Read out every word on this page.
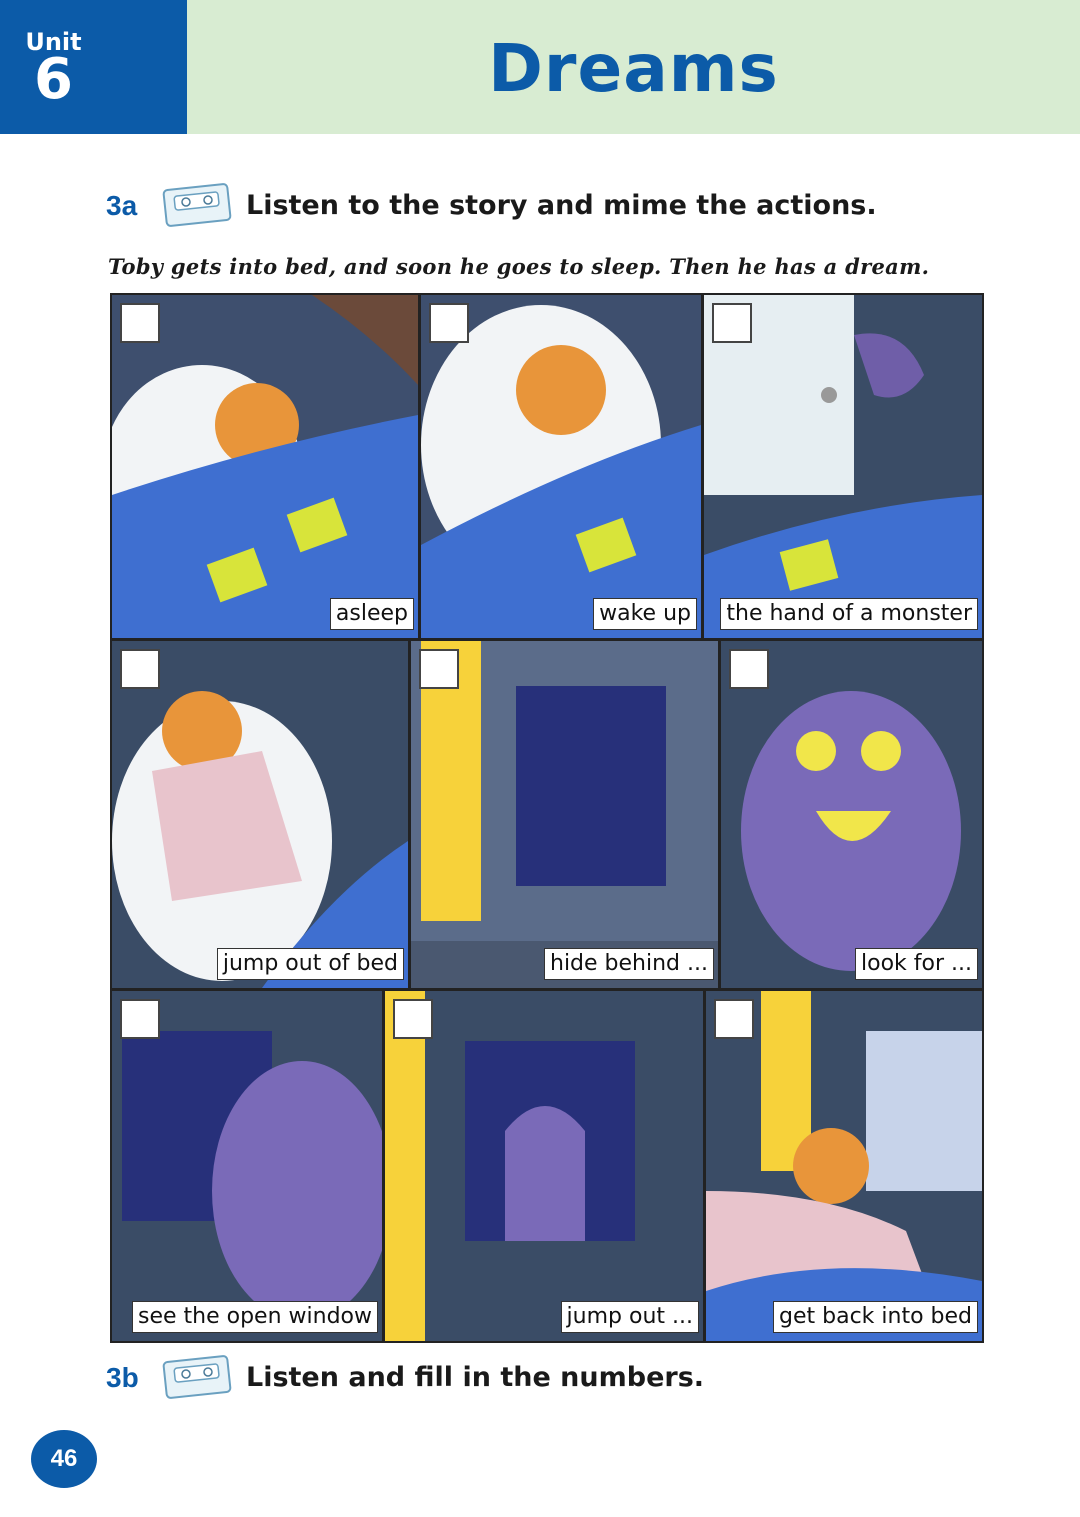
Unit
6	Dreams
3a	Listen to the story and mime the actions.
Toby gets into bed, and soon he goes to sleep. Then he has a dream.
asleep	wake up the hand of a monster
jump out of bed	hide behind ...	look for ...
see the open window	jump out ...	get back into bed
3b	Listen and fill in the numbers.
46
